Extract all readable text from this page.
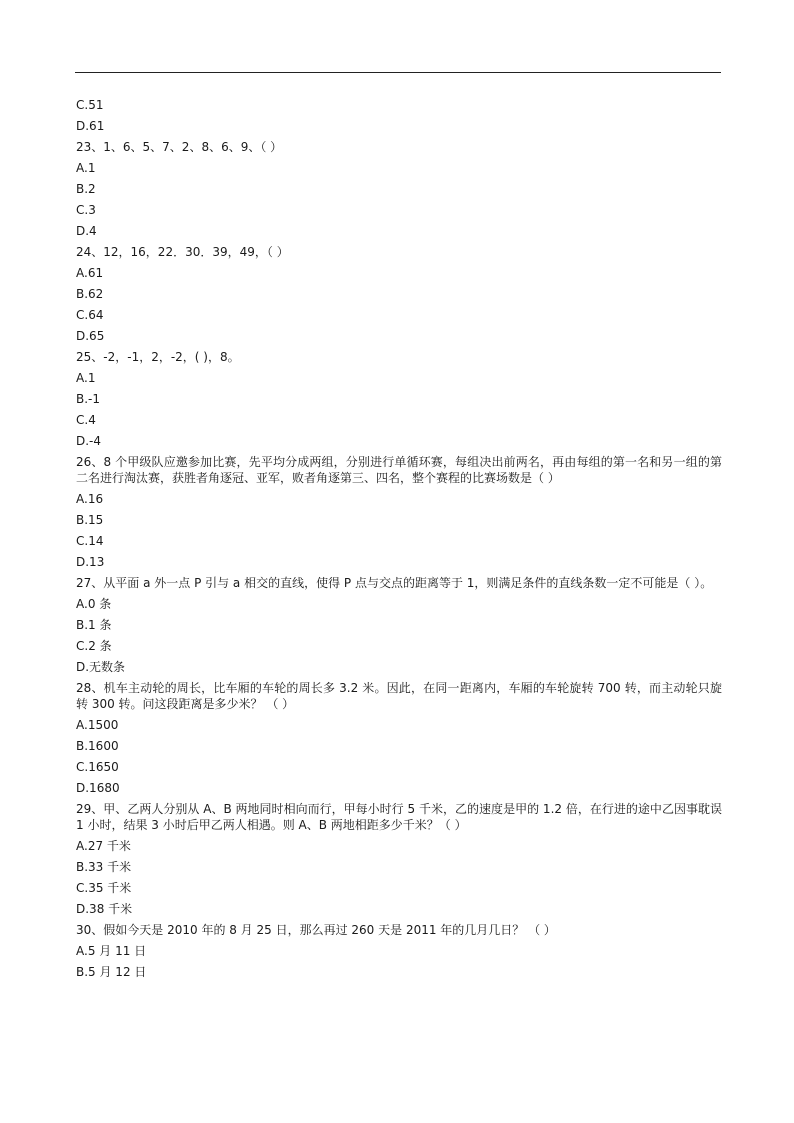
C.51
D.61
23、1、6、5、7、2、8、6、9、（ ）
A.1
B.2
C.3
D.4
24、12，16，22．30．39，49，（ ）
A.61
B.62
C.64
D.65
25、-2，-1，2，-2，( )，8。
A.1
B.-1
C.4
D.-4
26、8 个甲级队应邀参加比赛，先平均分成两组，分别进行单循环赛，每组决出前两名，再由每组的第一名和另一组的第二名进行淘汰赛，获胜者角逐冠、亚军，败者角逐第三、四名，整个赛程的比赛场数是（ ）
A.16
B.15
C.14
D.13
27、从平面 a 外一点 P 引与 a 相交的直线，使得 P 点与交点的距离等于 1，则满足条件的直线条数一定不可能是（ ）。
A.0 条
B.1 条
C.2 条
D.无数条
28、机车主动轮的周长，比车厢的车轮的周长多 3.2 米。因此，在同一距离内，车厢的车轮旋转 700 转，而主动轮只旋转 300 转。问这段距离是多少米？ （ ）
A.1500
B.1600
C.1650
D.1680
29、甲、乙两人分别从 A、B 两地同时相向而行，甲每小时行 5 千米，乙的速度是甲的 1.2 倍，在行进的途中乙因事耽误 1 小时，结果 3 小时后甲乙两人相遇。则 A、B 两地相距多少千米？（ ）
A.27 千米
B.33 千米
C.35 千米
D.38 千米
30、假如今天是 2010 年的 8 月 25 日，那么再过 260 天是 2011 年的几月几日？ （ ）
A.5 月 11 日
B.5 月 12 日
